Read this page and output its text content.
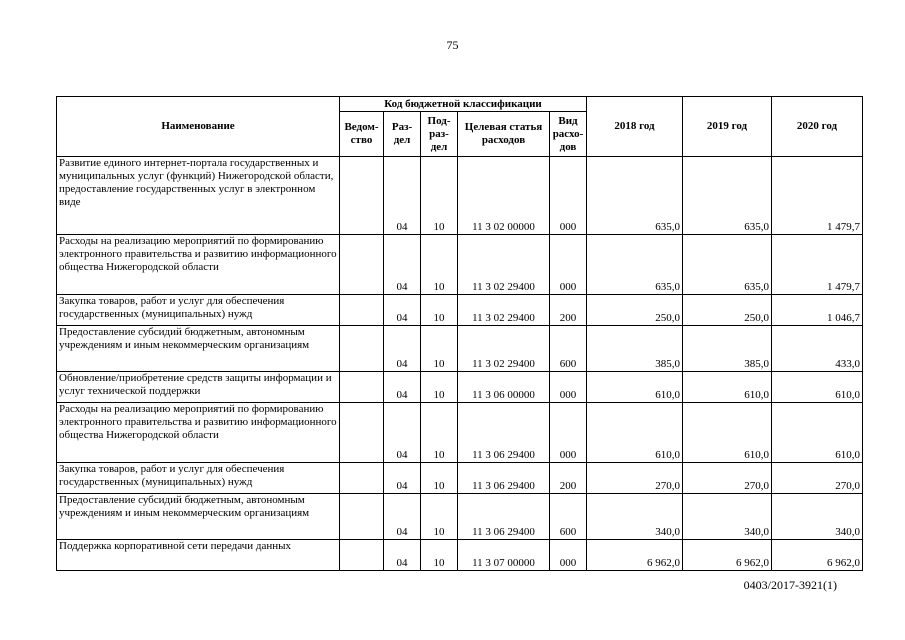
75
Наименование	Код бюджетной классификации					2018 год	2019 год	2020 год
	Ведом-ство	Раз-дел	Под-раз-дел	Целевая статья расходов	Вид расхо-дов			
Развитие единого интернет-портала государственных и муниципальных услуг (функций) Нижегородской области, предоставление государственных услуг в электронном виде		04	10	11 3 02 00000	000	635,0	635,0	1 479,7
Расходы на реализацию мероприятий по формированию электронного правительства и развитию информационного общества Нижегородской области		04	10	11 3 02 29400	000	635,0	635,0	1 479,7
Закупка товаров, работ и услуг для обеспечения государственных (муниципальных) нужд		04	10	11 3 02 29400	200	250,0	250,0	1 046,7
Предоставление субсидий бюджетным, автономным учреждениям и иным некоммерческим организациям		04	10	11 3 02 29400	600	385,0	385,0	433,0
Обновление/приобретение средств защиты информации и услуг технической поддержки		04	10	11 3 06 00000	000	610,0	610,0	610,0
Расходы на реализацию мероприятий по формированию электронного правительства и развитию информационного общества Нижегородской области		04	10	11 3 06 29400	000	610,0	610,0	610,0
Закупка товаров, работ и услуг для обеспечения государственных (муниципальных) нужд		04	10	11 3 06 29400	200	270,0	270,0	270,0
Предоставление субсидий бюджетным, автономным учреждениям и иным некоммерческим организациям		04	10	11 3 06 29400	600	340,0	340,0	340,0
Поддержка корпоративной сети передачи данных		04	10	11 3 07 00000	000	6 962,0	6 962,0	6 962,0
0403/2017-3921(1)
